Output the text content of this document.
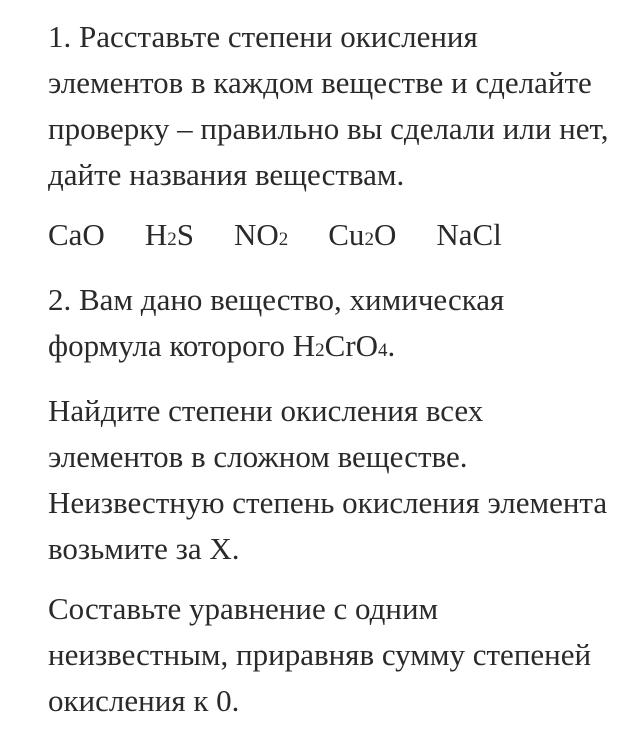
1. Расставьте степени окисления элементов в каждом веществе и сделайте проверку – правильно вы сделали или нет, дайте названия веществам.

CaO H2S NO2 Cu2O NaCl

2. Вам дано вещество, химическая формула которого H2CrO4.

Найдите степени окисления всех элементов в сложном веществе. Неизвестную степень окисления элемента возьмите за Х.

Составьте уравнение с одним неизвестным, приравняв сумму степеней окисления к 0.
